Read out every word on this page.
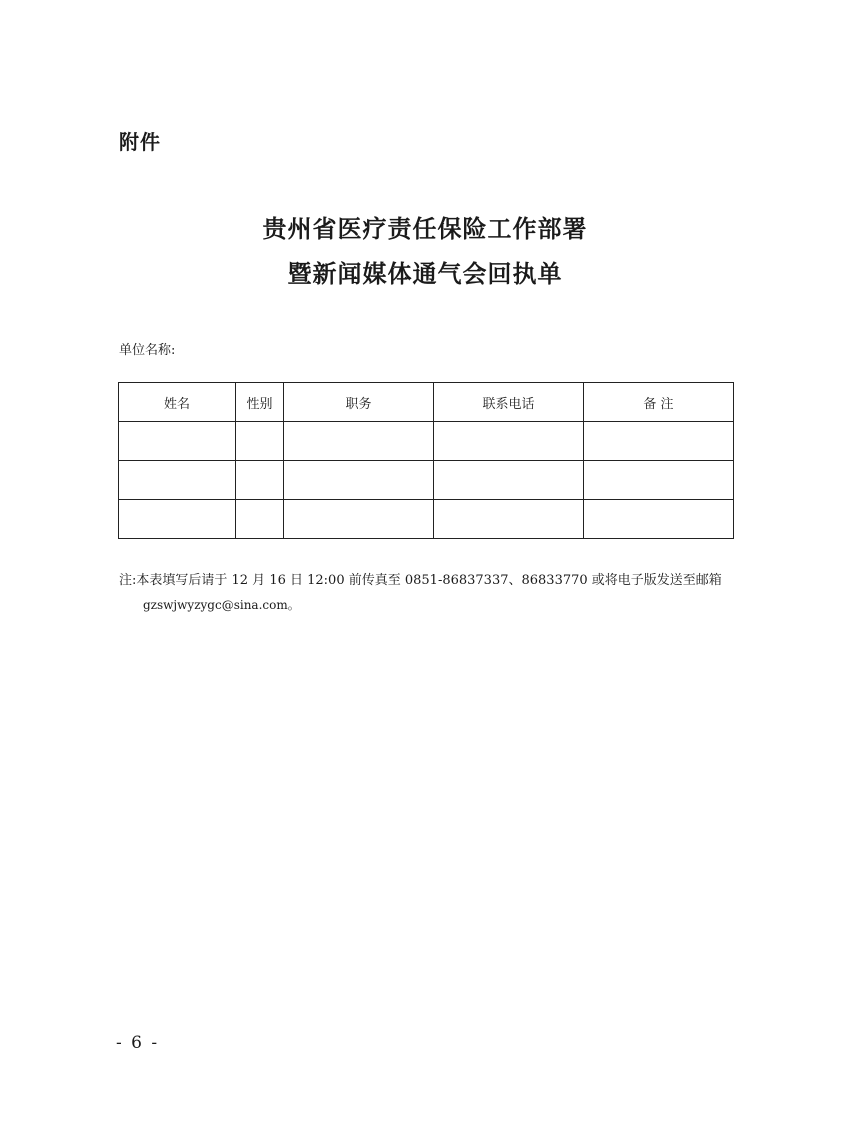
附件
贵州省医疗责任保险工作部署
暨新闻媒体通气会回执单
单位名称:
姓名	性别	职务	联系电话	备 注

注:本表填写后请于 12 月 16 日 12:00 前传真至 0851-86837337、86833770 或将电子版发送至邮箱
gzswjwyzygc@sina.com。
- 6 -
